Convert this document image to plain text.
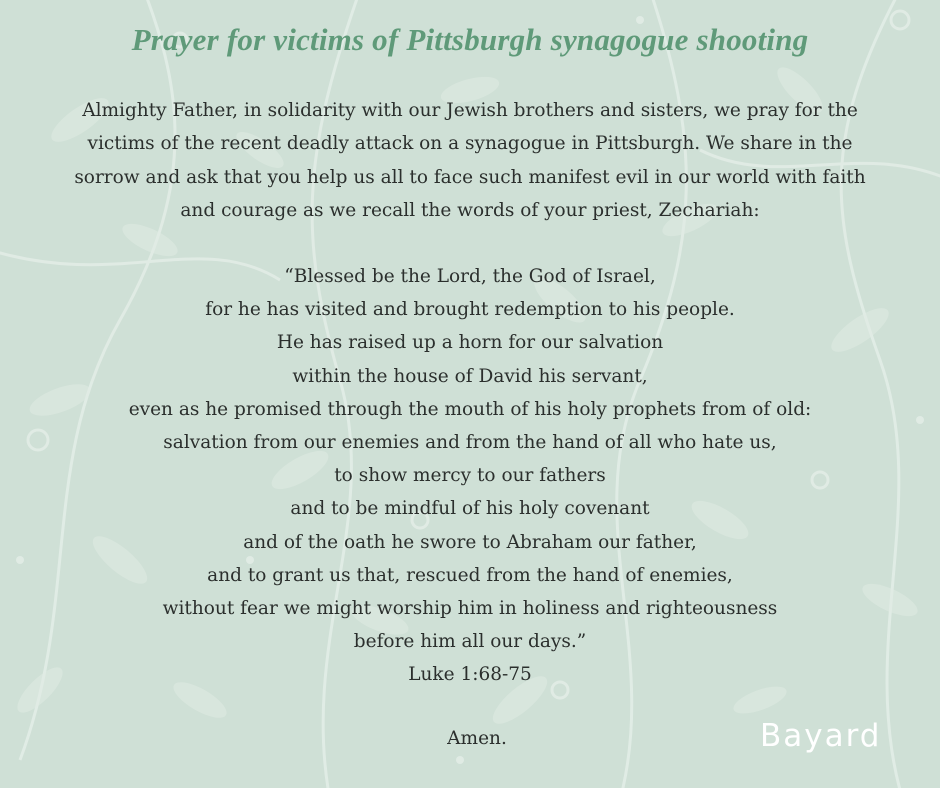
Prayer for victims of Pittsburgh synagogue shooting
Almighty Father, in solidarity with our Jewish brothers and sisters, we pray for the
victims of the recent deadly attack on a synagogue in Pittsburgh. We share in the
sorrow and ask that you help us all to face such manifest evil in our world with faith
and courage as we recall the words of your priest, Zechariah:
“Blessed be the Lord, the God of Israel,
for he has visited and brought redemption to his people.
He has raised up a horn for our salvation
within the house of David his servant,
even as he promised through the mouth of his holy prophets from of old:
salvation from our enemies and from the hand of all who hate us,
to show mercy to our fathers
and to be mindful of his holy covenant
and of the oath he swore to Abraham our father,
and to grant us that, rescued from the hand of enemies,
without fear we might worship him in holiness and righteousness
before him all our days.”
Luke 1:68-75
Amen.	Bayard
